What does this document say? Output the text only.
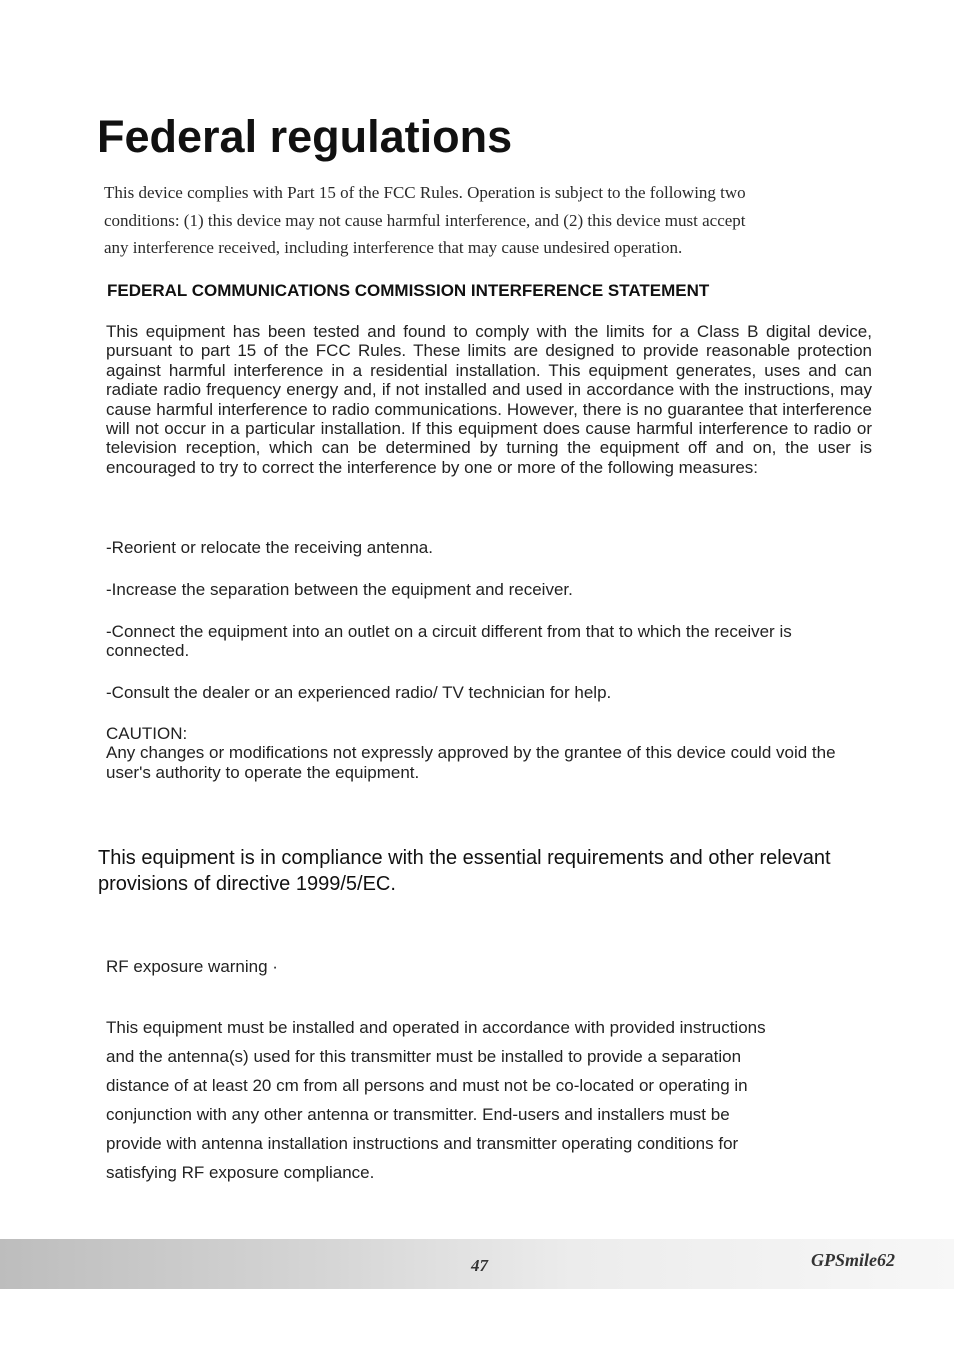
Federal regulations
This device complies with Part 15 of the FCC Rules. Operation is subject to the following two
conditions: (1) this device may not cause harmful interference, and (2) this device must accept
any interference received, including interference that may cause undesired operation.
FEDERAL COMMUNICATIONS COMMISSION INTERFERENCE STATEMENT

This equipment has been tested and found to comply with the limits for a Class B digital device, pursuant to part 15 of the FCC Rules. These limits are designed to provide reasonable protection against harmful interference in a residential installation. This equipment generates, uses and can radiate radio frequency energy and, if not installed and used in accordance with the instructions, may cause harmful interference to radio communications. However, there is no guarantee that interference will not occur in a particular installation. If this equipment does cause harmful interference to radio or television reception, which can be determined by turning the equipment off and on, the user is encouraged to try to correct the interference by one or more of the following measures:

-Reorient or relocate the receiving antenna.

-Increase the separation between the equipment and receiver.

-Connect the equipment into an outlet on a circuit different from that to which the receiver is connected.

-Consult the dealer or an experienced radio/ TV technician for help.

CAUTION:
Any changes or modifications not expressly approved by the grantee of this device could void the user's authority to operate the equipment.

This equipment is in compliance with the essential requirements and other relevant provisions of directive 1999/5/EC.

RF exposure warning ·

This equipment must be installed and operated in accordance with provided instructions
and the antenna(s) used for this transmitter must be installed to provide a separation
distance of at least 20 cm from all persons and must not be co-located or operating in
conjunction with any other antenna or transmitter. End-users and installers must be
provide with antenna installation instructions and transmitter operating conditions for
satisfying RF exposure compliance.
47	GPSmile62
